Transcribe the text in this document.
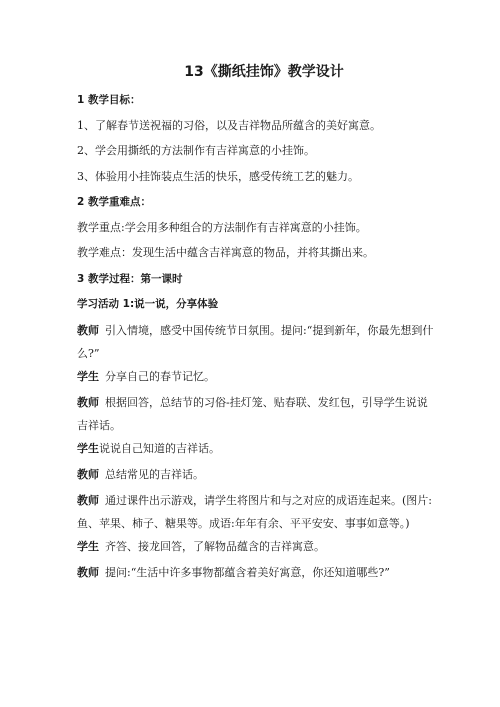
13《撕纸挂饰》教学设计
1 教学目标：
1、了解春节送祝福的习俗，以及吉祥物品所蕴含的美好寓意。
2、学会用撕纸的方法制作有吉祥寓意的小挂饰。
3、体验用小挂饰装点生活的快乐，感受传统工艺的魅力。
2 教学重难点：
教学重点:学会用多种组合的方法制作有吉祥寓意的小挂饰。
教学难点：发现生活中蕴含吉祥寓意的物品，并将其撕出来。
3 教学过程：第一课时
学习活动 1:说一说，分享体验
教师 引入情境，感受中国传统节日氛围。提问:“提到新年，你最先想到什么?”
学生 分享自己的春节记忆。
教师 根据回答，总结节的习俗-挂灯笼、贴春联、发红包，引导学生说说吉祥话。
学生说说自己知道的吉祥话。
教师 总结常见的吉祥话。
教师 通过课件出示游戏，请学生将图片和与之对应的成语连起来。(图片:鱼、苹果、柿子、糖果等。成语:年年有余、平平安安、事事如意等。)
学生 齐答、接龙回答，了解物品蕴含的吉祥寓意。
教师 提问:“生活中许多事物都蕴含着美好寓意，你还知道哪些?”
